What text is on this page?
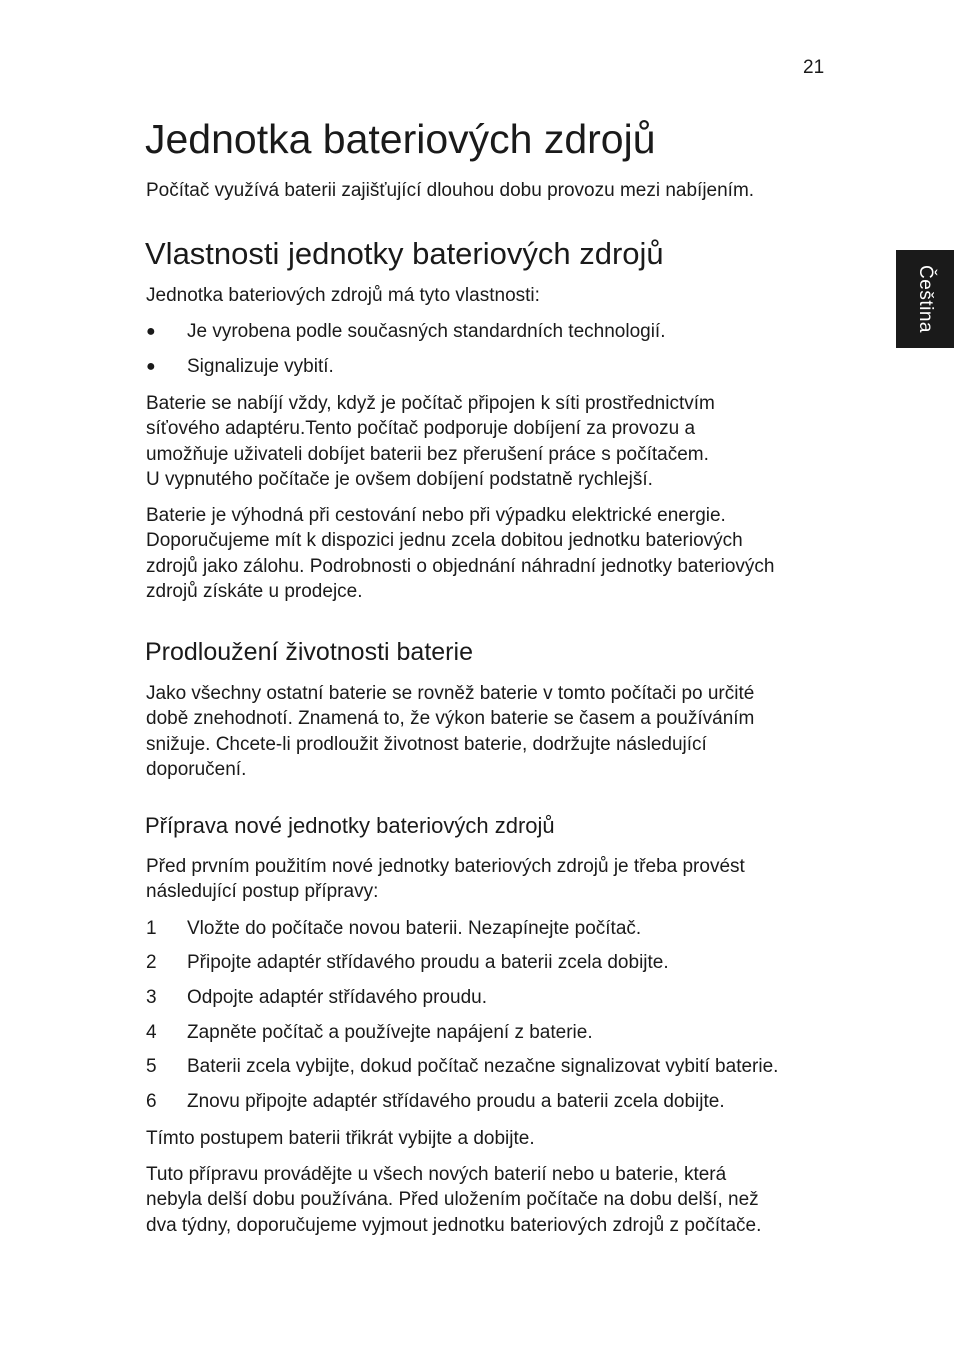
21
Čeština
Jednotka bateriových zdrojů
Počítač využívá baterii zajišťující dlouhou dobu provozu mezi nabíjením.
Vlastnosti jednotky bateriových zdrojů
Jednotka bateriových zdrojů má tyto vlastnosti:
● Je vyrobena podle současných standardních technologií.
● Signalizuje vybití.
Baterie se nabíjí vždy, když je počítač připojen k síti prostřednictvím
síťového adaptéru.Tento počítač podporuje dobíjení za provozu a
umožňuje uživateli dobíjet baterii bez přerušení práce s počítačem.
U vypnutého počítače je ovšem dobíjení podstatně rychlejší.
Baterie je výhodná při cestování nebo při výpadku elektrické energie.
Doporučujeme mít k dispozici jednu zcela dobitou jednotku bateriových
zdrojů jako zálohu. Podrobnosti o objednání náhradní jednotky bateriových
zdrojů získáte u prodejce.
Prodloužení životnosti baterie
Jako všechny ostatní baterie se rovněž baterie v tomto počítači po určité
době znehodnotí. Znamená to, že výkon baterie se časem a používáním
snižuje. Chcete-li prodloužit životnost baterie, dodržujte následující
doporučení.
Příprava nové jednotky bateriových zdrojů
Před prvním použitím nové jednotky bateriových zdrojů je třeba provést
následující postup přípravy:
1 Vložte do počítače novou baterii. Nezapínejte počítač.
2 Připojte adaptér střídavého proudu a baterii zcela dobijte.
3 Odpojte adaptér střídavého proudu.
4 Zapněte počítač a používejte napájení z baterie.
5 Baterii zcela vybijte, dokud počítač nezačne signalizovat vybití baterie.
6 Znovu připojte adaptér střídavého proudu a baterii zcela dobijte.
Tímto postupem baterii třikrát vybijte a dobijte.
Tuto přípravu provádějte u všech nových baterií nebo u baterie, která
nebyla delší dobu používána. Před uložením počítače na dobu delší, než
dva týdny, doporučujeme vyjmout jednotku bateriových zdrojů z počítače.
